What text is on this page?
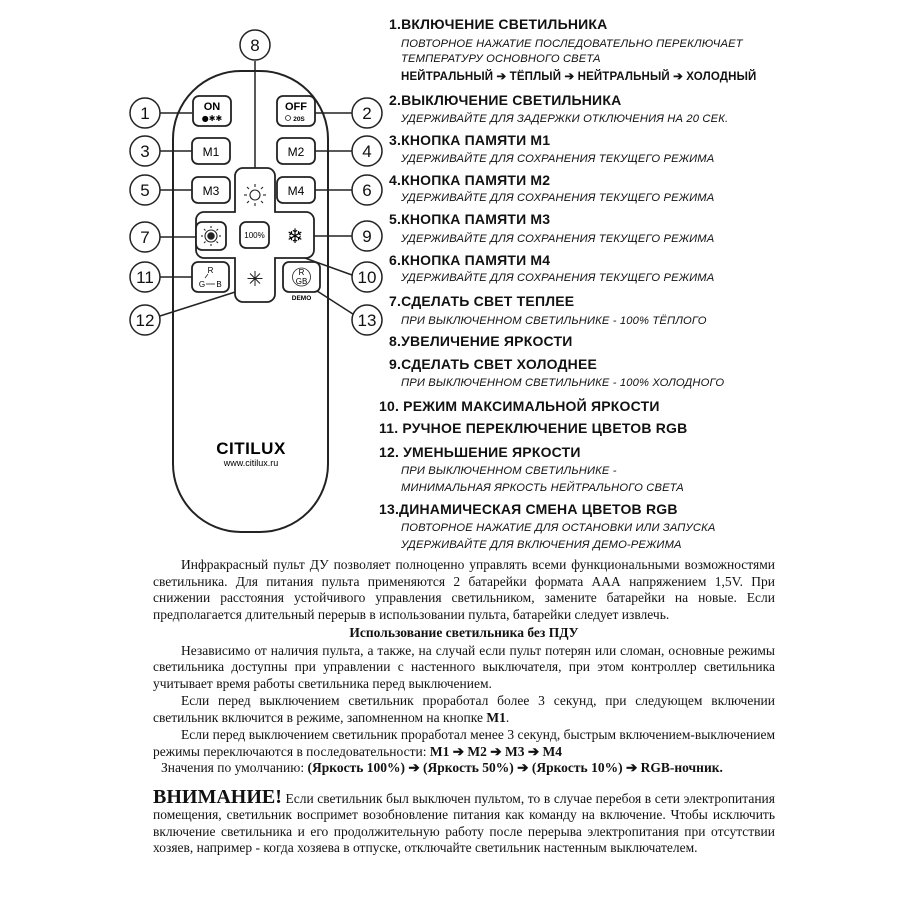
ON
●✱✱
OFF
20S
M1	M2
M3	M4
100% ❄
R
G B
R
GB
DEMO
CITILUX
www.citilux.ru
1	2
3	4
5	6
7
8
9
10
11
12	13
1.ВКЛЮЧЕНИЕ СВЕТИЛЬНИКА
ПОВТОРНОЕ НАЖАТИЕ ПОСЛЕДОВАТЕЛЬНО ПЕРЕКЛЮЧАЕТ
ТЕМПЕРАТУРУ ОСНОВНОГО СВЕТА
НЕЙТРАЛЬНЫЙ ➔ ТЁПЛЫЙ ➔ НЕЙТРАЛЬНЫЙ ➔ ХОЛОДНЫЙ
2.ВЫКЛЮЧЕНИЕ СВЕТИЛЬНИКА
УДЕРЖИВАЙТЕ ДЛЯ ЗАДЕРЖКИ ОТКЛЮЧЕНИЯ НА 20 СЕК.
3.КНОПКА ПАМЯТИ М1
УДЕРЖИВАЙТЕ ДЛЯ СОХРАНЕНИЯ ТЕКУЩЕГО РЕЖИМА
4.КНОПКА ПАМЯТИ М2
УДЕРЖИВАЙТЕ ДЛЯ СОХРАНЕНИЯ ТЕКУЩЕГО РЕЖИМА
5.КНОПКА ПАМЯТИ М3
УДЕРЖИВАЙТЕ ДЛЯ СОХРАНЕНИЯ ТЕКУЩЕГО РЕЖИМА
6.КНОПКА ПАМЯТИ М4
УДЕРЖИВАЙТЕ ДЛЯ СОХРАНЕНИЯ ТЕКУЩЕГО РЕЖИМА
7.СДЕЛАТЬ СВЕТ ТЕПЛЕЕ
ПРИ ВЫКЛЮЧЕННОМ СВЕТИЛЬНИКЕ - 100% ТЁПЛОГО
8.УВЕЛИЧЕНИЕ ЯРКОСТИ
9.СДЕЛАТЬ СВЕТ ХОЛОДНЕЕ
ПРИ ВЫКЛЮЧЕННОМ СВЕТИЛЬНИКЕ - 100% ХОЛОДНОГО
10. РЕЖИМ МАКСИМАЛЬНОЙ ЯРКОСТИ
11. РУЧНОЕ ПЕРЕКЛЮЧЕНИЕ ЦВЕТОВ RGB
12. УМЕНЬШЕНИЕ ЯРКОСТИ
ПРИ ВЫКЛЮЧЕННОМ СВЕТИЛЬНИКЕ -
МИНИМАЛЬНАЯ ЯРКОСТЬ НЕЙТРАЛЬНОГО СВЕТА
13.ДИНАМИЧЕСКАЯ СМЕНА ЦВЕТОВ RGB
ПОВТОРНОЕ НАЖАТИЕ ДЛЯ ОСТАНОВКИ ИЛИ ЗАПУСКА
УДЕРЖИВАЙТЕ ДЛЯ ВКЛЮЧЕНИЯ ДЕМО-РЕЖИМА

Инфракрасный пульт ДУ позволяет полноценно управлять всеми функциональными возможностями светильника. Для питания пульта применяются 2 батарейки формата ААА напряжением 1,5V. При снижении расстояния устойчивого управления светильником, замените батарейки на новые. Если предполагается длительный перерыв в использовании пульта, батарейки следует извлечь.

Использование светильника без ПДУ

Независимо от наличия пульта, а также, на случай если пульт потерян или сломан, основные режимы светильника доступны при управлении с настенного выключателя, при этом контроллер светильника учитывает время работы светильника перед выключением.

Если перед выключением светильник проработал более 3 секунд, при следующем включении светильник включится в режиме, запомненном на кнопке М1.

Если перед выключением светильник проработал менее 3 секунд, быстрым включением-выключением режимы переключаются в последовательности: М1 ➔ М2 ➔ М3 ➔ М4

Значения по умолчанию: (Яркость 100%) ➔ (Яркость 50%) ➔ (Яркость 10%) ➔ RGB-ночник.

ВНИМАНИЕ! Если светильник был выключен пультом, то в случае перебоя в сети электропитания помещения, светильник воспримет возобновление питания как команду на включение. Чтобы исключить включение светильника и его продолжительную работу после перерыва электропитания при отсутствии хозяев, например - когда хозяева в отпуске, отключайте светильник настенным выключателем.
